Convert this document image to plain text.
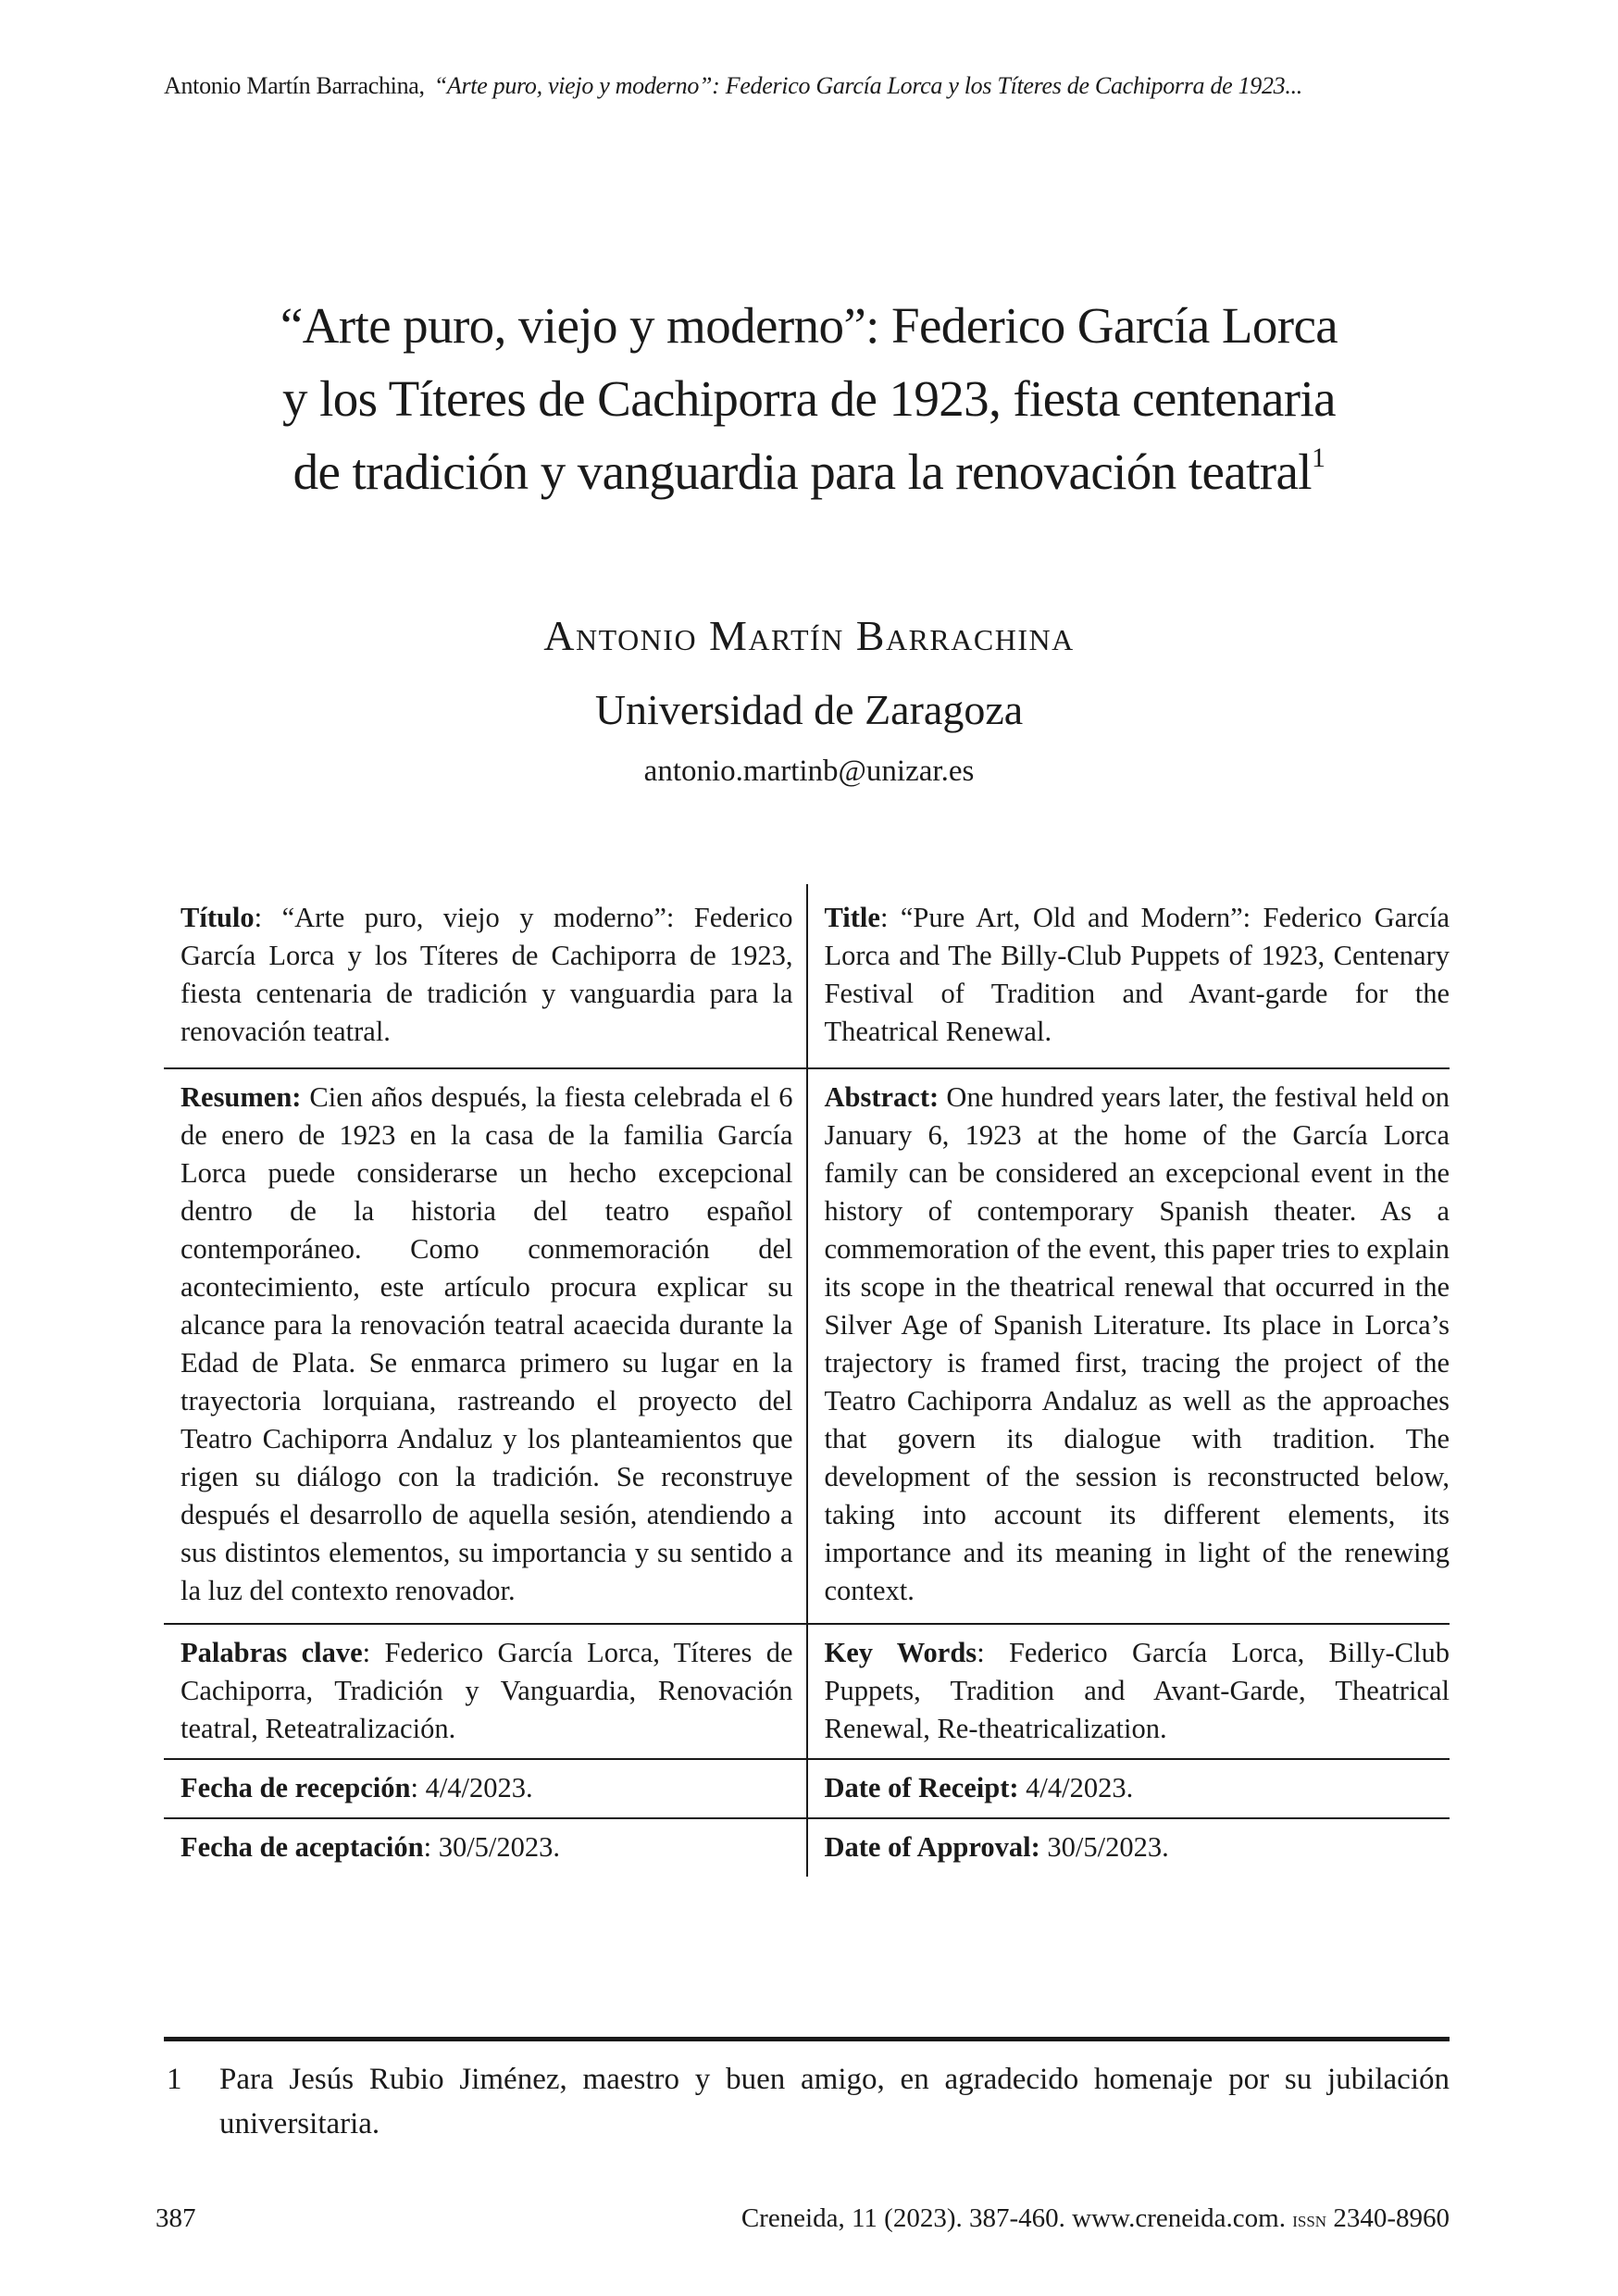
Antonio Martín Barrachina, “Arte puro, viejo y moderno”: Federico García Lorca y los Títeres de Cachiporra de 1923...
“Arte puro, viejo y moderno”: Federico García Lorca
y los Títeres de Cachiporra de 1923, fiesta centenaria
de tradición y vanguardia para la renovación teatral$^1$
Antonio Martín Barrachina
Universidad de Zaragoza
antonio.martinb@unizar.es
Título: “Arte puro, viejo y moderno”: Federico García Lorca y los Títeres de Cachiporra de 1923, fiesta centenaria de tradición y vanguardia para la renovación teatral.	Title: “Pure Art, Old and Modern”: Federico García Lorca and The Billy-Club Puppets of 1923, Centenary Festival of Tradition and Avant-garde for the Theatrical Renewal.
Resumen: Cien años después, la fiesta celebrada el 6 de enero de 1923 en la casa de la familia García Lorca puede considerarse un hecho excepcional dentro de la historia del teatro español contemporáneo. Como conmemoración del acontecimiento, este artículo procura explicar su alcance para la renovación teatral acaecida durante la Edad de Plata. Se enmarca primero su lugar en la trayectoria lorquiana, rastreando el proyecto del Teatro Cachiporra Andaluz y los planteamientos que rigen su diálogo con la tradición. Se reconstruye después el desarrollo de aquella sesión, atendiendo a sus distintos elementos, su importancia y su sentido a la luz del contexto renovador.	Abstract: One hundred years later, the festival held on January 6, 1923 at the home of the García Lorca family can be considered an excepcional event in the history of contemporary Spanish theater. As a commemoration of the event, this paper tries to explain its scope in the theatrical renewal that occurred in the Silver Age of Spanish Literature. Its place in Lorca’s trajectory is framed first, tracing the project of the Teatro Cachiporra Andaluz as well as the approaches that govern its dialogue with tradition. The development of the session is reconstructed below, taking into account its different elements, its importance and its meaning in light of the renewing context.
Palabras clave: Federico García Lorca, Títeres de Cachiporra, Tradición y Vanguardia, Renovación teatral, Reteatralización.	Key Words: Federico García Lorca, Billy-Club Puppets, Tradition and Avant-Garde, Theatrical Renewal, Re-theatricalization.
Fecha de recepción: 4/4/2023.	Date of Receipt: 4/4/2023.
Fecha de aceptación: 30/5/2023.	Date of Approval: 30/5/2023.
1 Para Jesús Rubio Jiménez, maestro y buen amigo, en agradecido homenaje por su jubilación universitaria.
387	Creneida, 11 (2023). 387-460. www.creneida.com. issn 2340-8960
